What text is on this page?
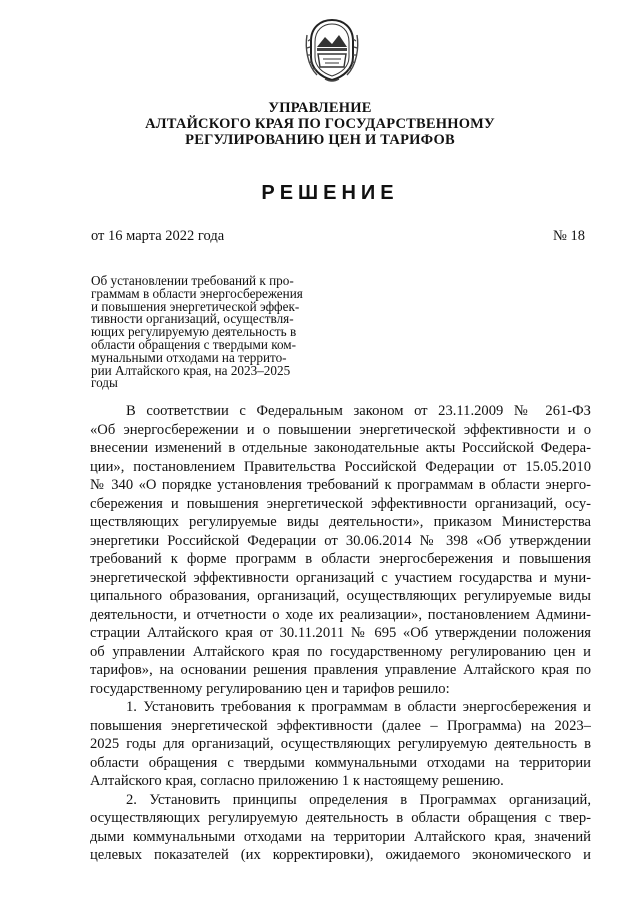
УПРАВЛЕНИЕ
АЛТАЙСКОГО КРАЯ ПО ГОСУДАРСТВЕННОМУ
РЕГУЛИРОВАНИЮ ЦЕН И ТАРИФОВ
РЕШЕНИЕ
от 16 марта 2022 года	№ 18
Об установлении требований к про-
граммам в области энергосбережения
и повышения энергетической эффек-
тивности организаций, осуществля-
ющих регулируемую деятельность в
области обращения с твердыми ком-
мунальными отходами на террито-
рии Алтайского края, на 2023–2025
годы
В соответствии с Федеральным законом от 23.11.2009 № 261-ФЗ
«Об энергосбережении и о повышении энергетической эффективности и о
внесении изменений в отдельные законодательные акты Российской Федера-
ции», постановлением Правительства Российской Федерации от 15.05.2010
№ 340 «О порядке установления требований к программам в области энерго-
сбережения и повышения энергетической эффективности организаций, осу-
ществляющих регулируемые виды деятельности», приказом Министерства
энергетики Российской Федерации от 30.06.2014 № 398 «Об утверждении
требований к форме программ в области энергосбережения и повышения
энергетической эффективности организаций с участием государства и муни-
ципального образования, организаций, осуществляющих регулируемые виды
деятельности, и отчетности о ходе их реализации», постановлением Админи-
страции Алтайского края от 30.11.2011 № 695 «Об утверждении положения
об управлении Алтайского края по государственному регулированию цен и
тарифов», на основании решения правления управление Алтайского края по
государственному регулированию цен и тарифов решило:
1. Установить требования к программам в области энергосбережения и
повышения энергетической эффективности (далее – Программа) на 2023–
2025 годы для организаций, осуществляющих регулируемую деятельность в
области обращения с твердыми коммунальными отходами на территории
Алтайского края, согласно приложению 1 к настоящему решению.
2. Установить принципы определения в Программах организаций,
осуществляющих регулируемую деятельность в области обращения с твер-
дыми коммунальными отходами на территории Алтайского края, значений
целевых показателей (их корректировки), ожидаемого экономического и
